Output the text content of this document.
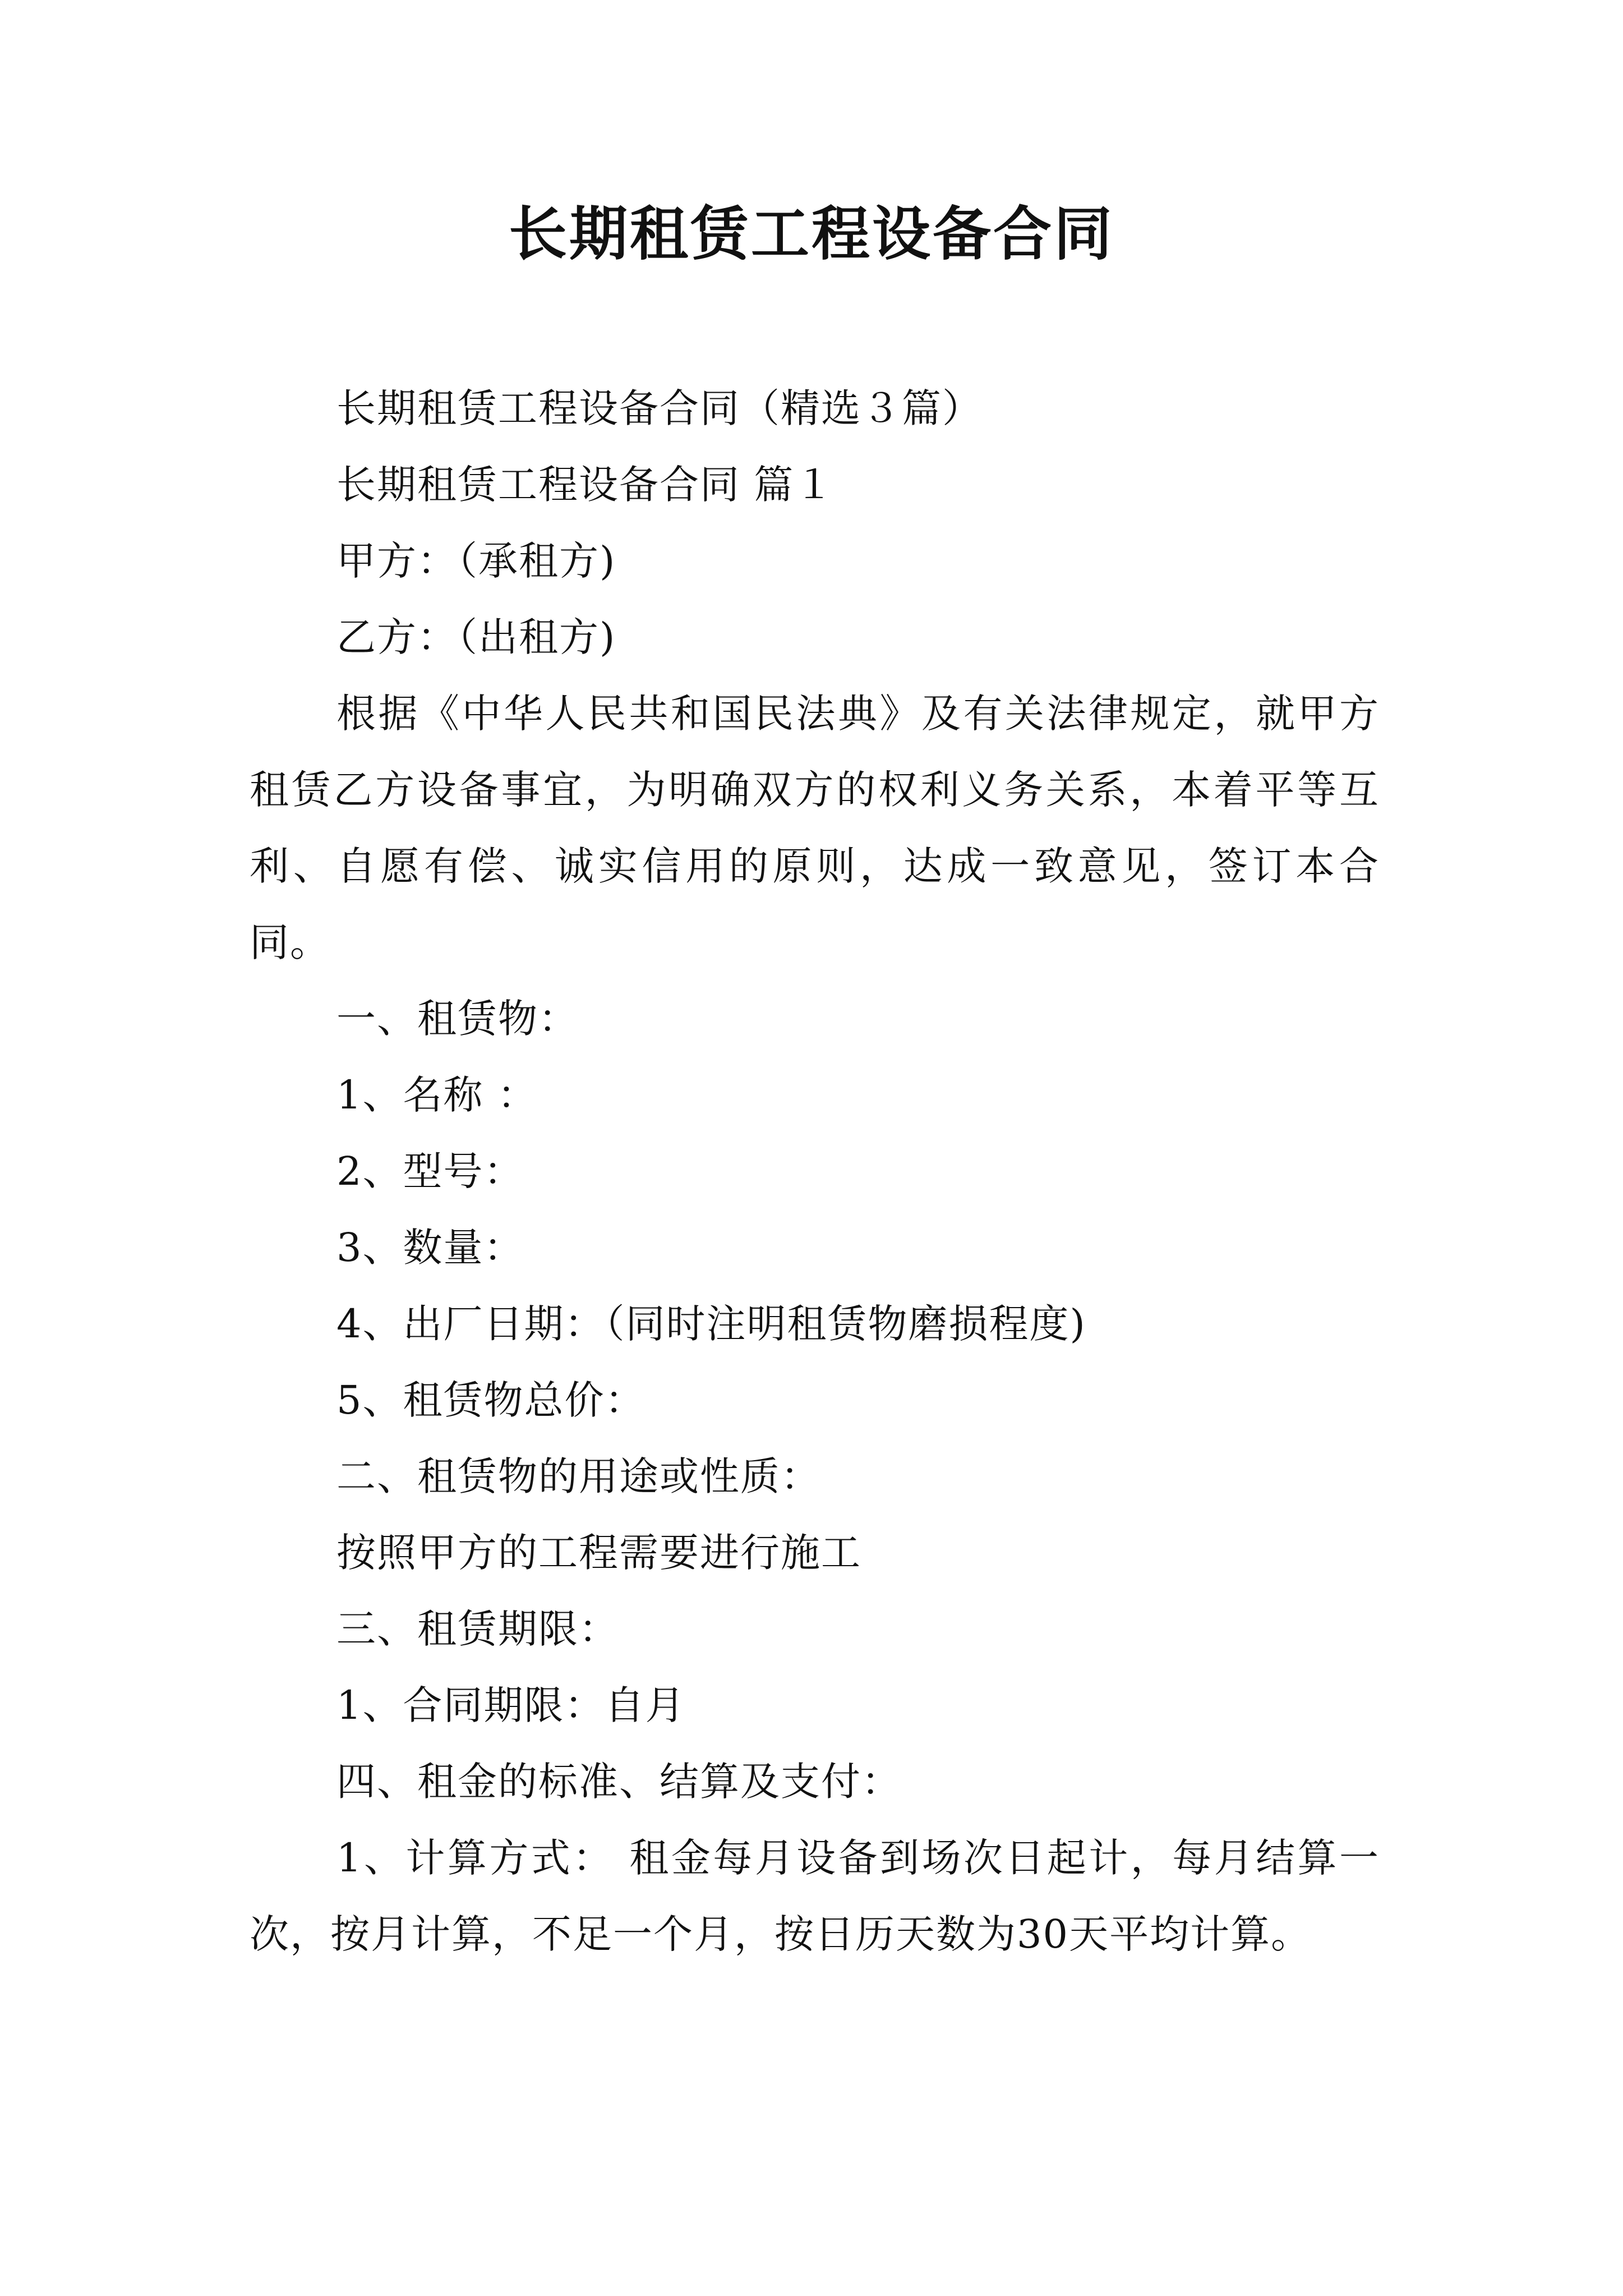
长期租赁工程设备合同

长期租赁工程设备合同（精选３篇）

长期租赁工程设备合同 篇１

甲方：（承租方)

乙方：（出租方)

根据《中华人民共和国民法典》及有关法律规定，就甲方租赁乙方设备事宜，为明确双方的权利义务关系，本着平等互利、自愿有偿、诚实信用的原则，达成一致意见，签订本合同。

一、租赁物：

1、名称 ：

2、型号：

3、数量：

4、出厂日期：（同时注明租赁物磨损程度)

5、租赁物总价：

二、租赁物的用途或性质：

按照甲方的工程需要进行施工

三、租赁期限：

1、合同期限：自月

四、租金的标准、结算及支付：

1、计算方式： 租金每月设备到场次日起计，每月结算一次，按月计算，不足一个月，按日历天数为30天平均计算。
